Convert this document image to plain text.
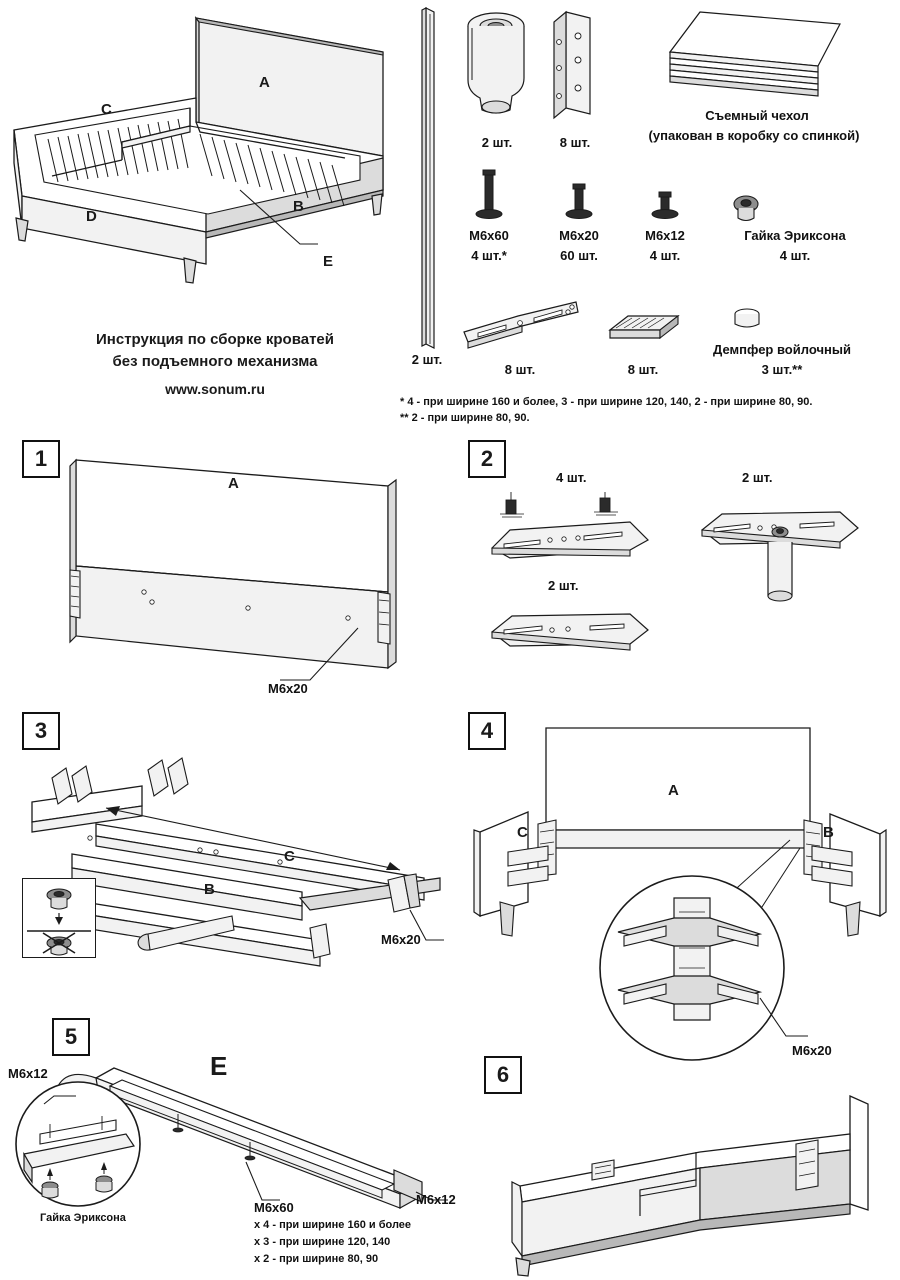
A
C
B
D
E
Инструкция по сборке кроватей
без подъемного механизма
www.sonum.ru
2 шт.
2 шт.	8 шт.
Съемный чехол
(упакован в коробку со спинкой)
M6x60
4 шт.*
M6x20
60 шт.
M6x12
4 шт.
Гайка Эриксона
4 шт.
8 шт.	8 шт.
Демпфер войлочный
3 шт.**
* 4 - при ширине 160 и более, 3 - при ширине 120, 140, 2 - при ширине 80, 90.
** 2 - при ширине 80, 90.
1
A
M6x20
2
4 шт.	2 шт.
2 шт.
3
C
B
M6x20
4
A
C	B
M6x20
5
M6x12	E
M6x12
M6x60
x 4 - при ширине 160 и более
x 3 - при ширине 120, 140
x 2 - при ширине 80, 90
Гайка Эриксона
6
